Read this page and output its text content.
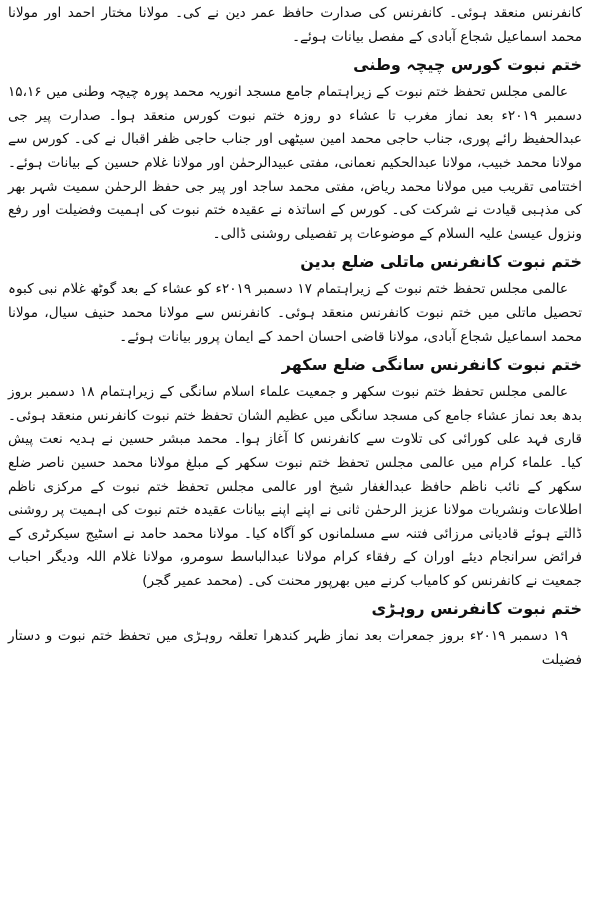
کانفرنس منعقد ہوئی۔ کانفرنس کی صدارت حافظ عمر دین نے کی۔ مولانا مختار احمد اور مولانا محمد اسماعیل شجاع آبادی کے مفصل بیانات ہوئے۔

ختم نبوت کورس چیچہ وطنی

عالمی مجلس تحفظ ختم نبوت کے زیراہتمام جامع مسجد انوریہ محمد پورہ چیچہ وطنی میں ۱۵،۱۶ دسمبر ۲۰۱۹ء بعد نماز مغرب تا عشاء دو روزہ ختم نبوت کورس منعقد ہوا۔ صدارت پیر جی عبدالحفیظ رائے پوری، جناب حاجی محمد امین سیٹھی اور جناب حاجی ظفر اقبال نے کی۔ کورس سے مولانا محمد خبیب، مولانا عبدالحکیم نعمانی، مفتی عبیدالرحمٰن اور مولانا غلام حسین کے بیانات ہوئے۔ اختتامی تقریب میں مولانا محمد ریاض، مفتی محمد ساجد اور پیر جی حفظ الرحمٰن سمیت شہر بھر کی مذہبی قیادت نے شرکت کی۔ کورس کے اساتذہ نے عقیدہ ختم نبوت کی اہمیت وفضیلت اور رفع ونزول عیسیٰ علیہ السلام کے موضوعات پر تفصیلی روشنی ڈالی۔

ختم نبوت کانفرنس ماتلی ضلع بدین

عالمی مجلس تحفظ ختم نبوت کے زیراہتمام ۱۷ دسمبر ۲۰۱۹ء کو عشاء کے بعد گوٹھ غلام نبی کبوہ تحصیل ماتلی میں ختم نبوت کانفرنس منعقد ہوئی۔ کانفرنس سے مولانا محمد حنیف سیال، مولانا محمد اسماعیل شجاع آبادی، مولانا قاضی احسان احمد کے ایمان پرور بیانات ہوئے۔

ختم نبوت کانفرنس سانگی ضلع سکھر

عالمی مجلس تحفظ ختم نبوت سکھر و جمعیت علماء اسلام سانگی کے زیراہتمام ۱۸ دسمبر بروز بدھ بعد نماز عشاء جامع کی مسجد سانگی میں عظیم الشان تحفظ ختم نبوت کانفرنس منعقد ہوئی۔ قاری فہد علی کورائی کی تلاوت سے کانفرنس کا آغاز ہوا۔ محمد مبشر حسین نے ہدیہ نعت پیش کیا۔ علماء کرام میں عالمی مجلس تحفظ ختم نبوت سکھر کے مبلغ مولانا محمد حسین ناصر ضلع سکھر کے نائب ناظم حافظ عبدالغفار شیخ اور عالمی مجلس تحفظ ختم نبوت کے مرکزی ناظم اطلاعات ونشریات مولانا عزیز الرحمٰن ثانی نے اپنے اپنے بیانات عقیدہ ختم نبوت کی اہمیت پر روشنی ڈالتے ہوئے قادیانی مرزائی فتنہ سے مسلمانوں کو آگاہ کیا۔ مولانا محمد حامد نے اسٹیج سیکرٹری کے فرائض سرانجام دیئے اوران کے رفقاء کرام مولانا عبدالباسط سومرو، مولانا غلام اللہ ودیگر احباب جمعیت نے کانفرنس کو کامیاب کرنے میں بھرپور محنت کی۔ (محمد عمیر گجر)

ختم نبوت کانفرنس روہڑی

۱۹ دسمبر ۲۰۱۹ء بروز جمعرات بعد نماز ظہر کندھرا تعلقہ روہڑی میں تحفظ ختم نبوت و دستار فضیلت
